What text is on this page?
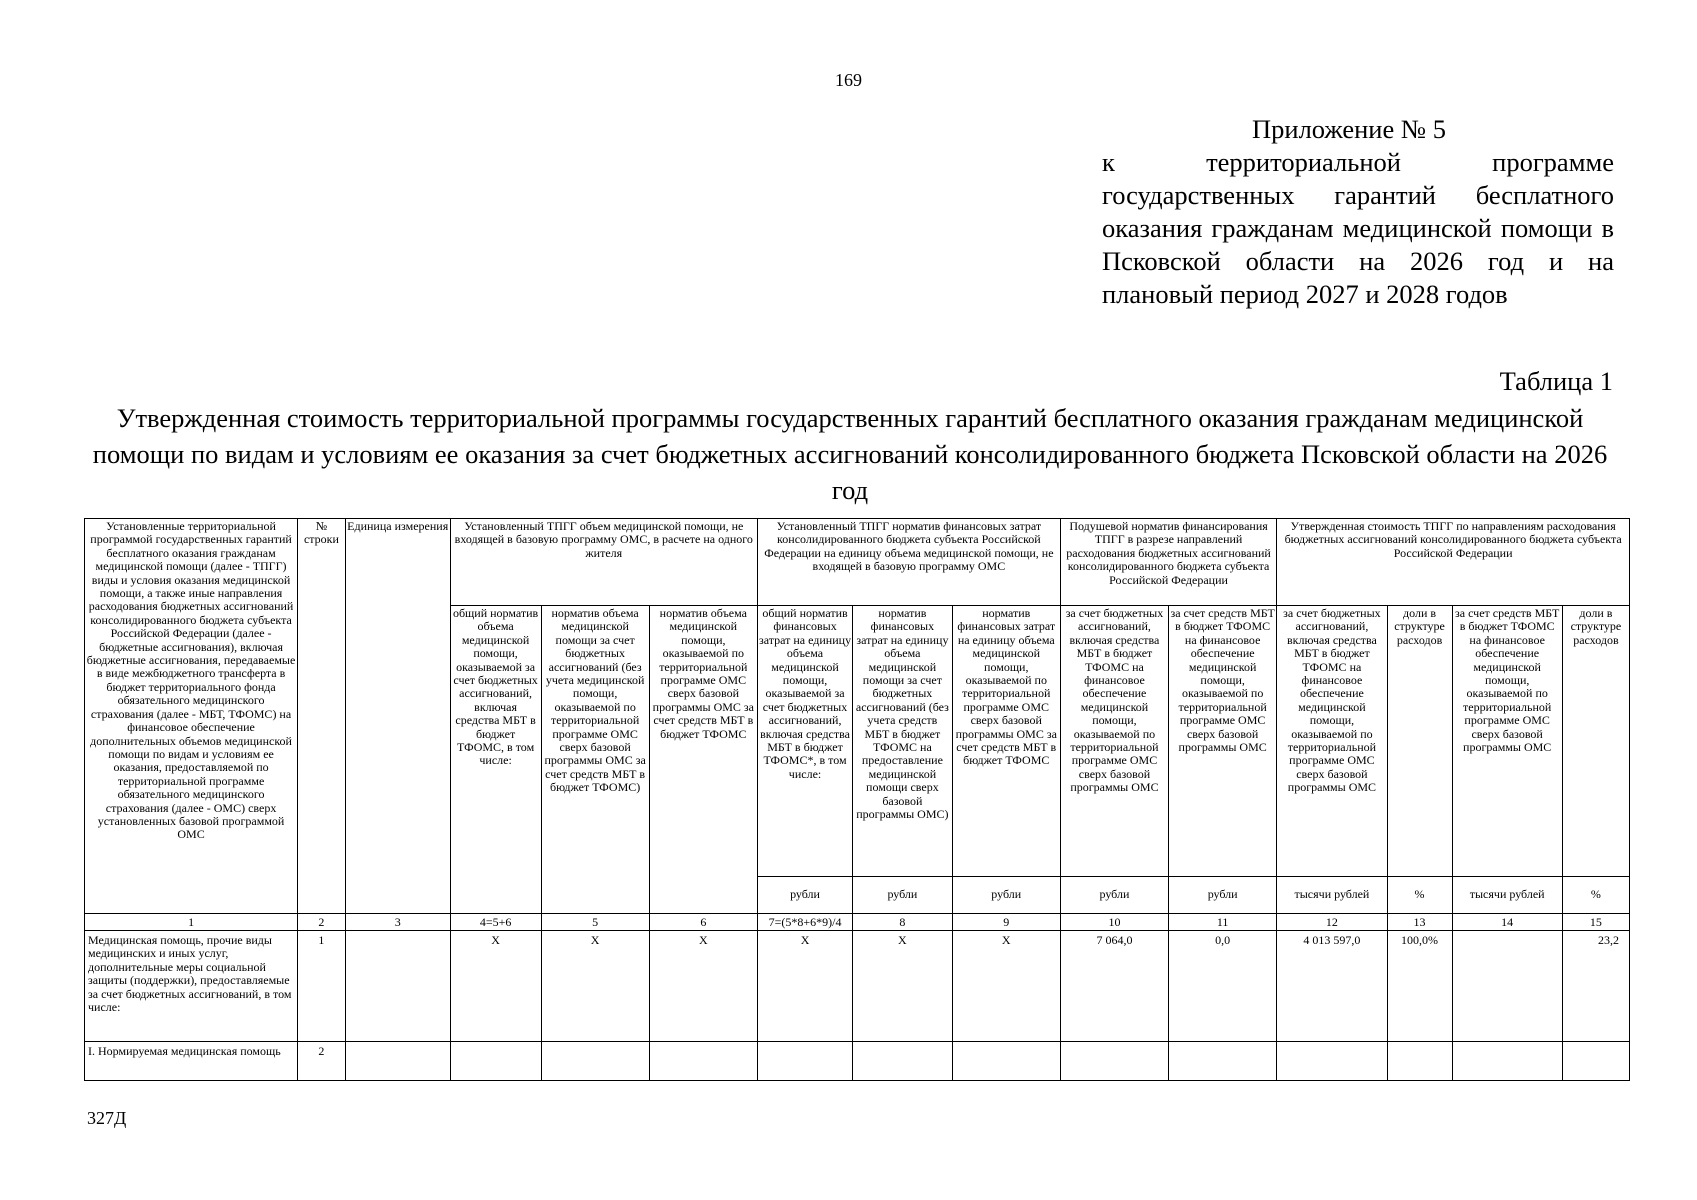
169
Приложение № 5
к территориальной программе государственных гарантий бесплатного оказания гражданам медицинской помощи в Псковской области на 2026 год и на плановый период 2027 и 2028 годов
Таблица 1
Утвержденная стоимость территориальной программы государственных гарантий бесплатного оказания гражданам медицинской помощи по видам и условиям ее оказания за счет бюджетных ассигнований консолидированного бюджета Псковской области на 2026 год
Установленные территориальной программой государственных гарантий бесплатного оказания гражданам медицинской помощи (далее - ТПГГ) виды и условия оказания медицинской помощи, а также иные направления расходования бюджетных ассигнований консолидированного бюджета субъекта Российской Федерации (далее - бюджетные ассигнования), включая бюджетные ассигнования, передаваемые в виде межбюджетного трансферта в бюджет территориального фонда обязательного медицинского страхования (далее - МБТ, ТФОМС) на финансовое обеспечение дополнительных объемов медицинской помощи по видам и условиям ее оказания, предоставляемой по территориальной программе обязательного медицинского страхования (далее - ОМС) сверх установленных базовой программой ОМС	№ строки	Единица измерения	Установленный ТПГГ объем медицинской помощи, не входящей в базовую программу ОМС, в расчете на одного жителя			Установленный ТПГГ норматив финансовых затрат консолидированного бюджета субъекта Российской Федерации на единицу объема медицинской помощи, не входящей в базовую программу ОМС			Подушевой норматив финансирования ТПГГ в разрезе направлений расходования бюджетных ассигнований консолидированного бюджета субъекта Российской Федерации		Утвержденная стоимость ТПГГ по направлениям расходования бюджетных ассигнований консолидированного бюджета субъекта Российской Федерации			
			общий норматив объема медицинской помощи, оказываемой за счет бюджетных ассигнований, включая средства МБТ в бюджет ТФОМС, в том числе:	норматив объема медицинской помощи за счет бюджетных ассигнований (без учета медицинской помощи, оказываемой по территориальной программе ОМС сверх базовой программы ОМС за счет средств МБТ в бюджет ТФОМС)	норматив объема медицинской помощи, оказываемой по территориальной программе ОМС сверх базовой программы ОМС за счет средств МБТ в бюджет ТФОМС	общий норматив финансовых затрат на единицу объема медицинской помощи, оказываемой за счет бюджетных ассигнований, включая средства МБТ в бюджет ТФОМС*, в том числе:	норматив финансовых затрат на единицу объема медицинской помощи за счет бюджетных ассигнований (без учета средств МБТ в бюджет ТФОМС на предоставление медицинской помощи сверх базовой программы ОМС)	норматив финансовых затрат на единицу объема медицинской помощи, оказываемой по территориальной программе ОМС сверх базовой программы ОМС за счет средств МБТ в бюджет ТФОМС	за счет бюджетных ассигнований, включая средства МБТ в бюджет ТФОМС на финансовое обеспечение медицинской помощи, оказываемой по территориальной программе ОМС сверх базовой программы ОМС	за счет средств МБТ в бюджет ТФОМС на финансовое обеспечение медицинской помощи, оказываемой по территориальной программе ОМС сверх базовой программы ОМС	за счет бюджетных ассигнований, включая средства МБТ в бюджет ТФОМС на финансовое обеспечение медицинской помощи, оказываемой по территориальной программе ОМС сверх базовой программы ОМС	доли в структуре расходов	за счет средств МБТ в бюджет ТФОМС на финансовое обеспечение медицинской помощи, оказываемой по территориальной программе ОМС сверх базовой программы ОМС	доли в структуре расходов
						рубли	рубли	рубли	рубли	рубли	тысячи рублей	%	тысячи рублей	%
1	2	3	4=5+6	5	6	7=(5*8+6*9)/4	8	9	10	11	12	13	14	15
Медицинская помощь, прочие виды медицинских и иных услуг, дополнительные меры социальной защиты (поддержки), предоставляемые за счет бюджетных ассигнований, в том числе:	1		X	X	X	X	X	X	7 064,0	0,0	4 013 597,0	100,0%		23,2
I. Нормируемая медицинская помощь	2													
327Д
